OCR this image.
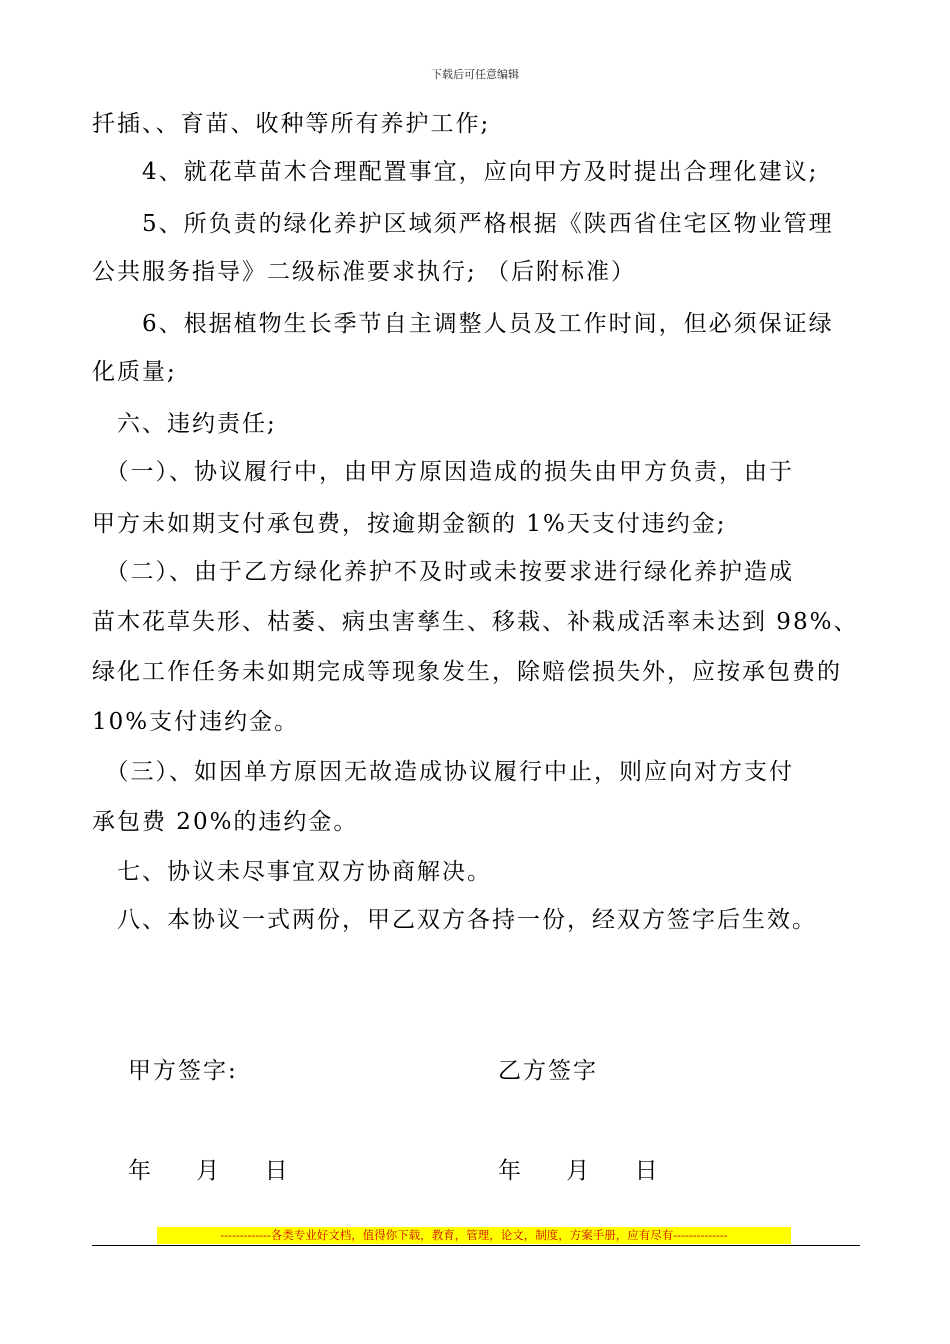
下载后可任意编辑
扦插、、育苗、收种等所有养护工作;
　　4、就花草苗木合理配置事宜，应向甲方及时提出合理化建议;
　　5、所负责的绿化养护区域须严格根据《陕西省住宅区物业管理
公共服务指导》二级标准要求执行; （后附标准）
　　6、根据植物生长季节自主调整人员及工作时间，但必须保证绿
化质量;
　六、违约责任;
　（一）、协议履行中，由甲方原因造成的损失由甲方负责，由于
甲方未如期支付承包费，按逾期金额的 1%天支付违约金;
　（二）、由于乙方绿化养护不及时或未按要求进行绿化养护造成
苗木花草失形、枯萎、病虫害孳生、移栽、补栽成活率未达到 98%、
绿化工作任务未如期完成等现象发生，除赔偿损失外，应按承包费的
10%支付违约金。
　（三）、如因单方原因无故造成协议履行中止，则应向对方支付
承包费 20%的违约金。
　七、协议未尽事宜双方协商解决。
　八、本协议一式两份，甲乙双方各持一份，经双方签字后生效。
甲方签字:	乙方签字
年 月 日	年 月 日
-------------各类专业好文档，值得你下载，教育，管理，论文，制度，方案手册，应有尽有--------------
